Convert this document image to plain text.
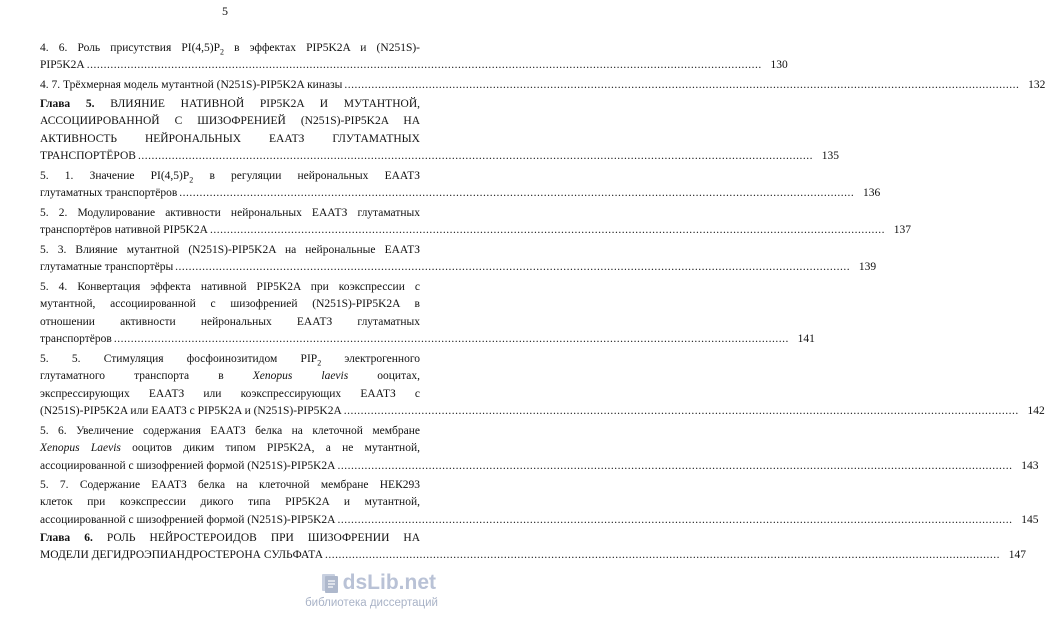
5
4. 6. Роль присутствия $PI(4,5)P_2$ в эффектах PIP5K2A и (N251S)-
PIP5K2A ........................................................................................................................................................................................................ 130
4. 7. Трёхмерная модель мутантной (N251S)-PIP5K2A киназы ........................................................................................................................................................................................................ 132
Глава 5. ВЛИЯНИЕ НАТИВНОЙ PIP5K2A И МУТАНТНОЙ,
АССОЦИИРОВАННОЙ С ШИЗОФРЕНИЕЙ (N251S)-PIP5K2A НА
АКТИВНОСТЬ НЕЙРОНАЛЬНЫХ ЕААТЗ ГЛУТАМАТНЫХ
ТРАНСПОРТЁРОВ ........................................................................................................................................................................................................ 135
5. 1. Значение $PI(4,5)P_2$ в регуляции нейрональных ЕААТЗ
глутаматных транспортёров ........................................................................................................................................................................................................ 136
5. 2. Модулирование активности нейрональных ЕААТЗ глутаматных
транспортёров нативной PIP5K2A ........................................................................................................................................................................................................ 137
5. 3. Влияние мутантной (N251S)-PIP5K2A на нейрональные ЕААТЗ
глутаматные транспортёры ........................................................................................................................................................................................................ 139
5. 4. Конвертация эффекта нативной PIP5K2A при коэкспрессии с
мутантной, ассоциированной с шизофренией (N251S)-PIP5K2A в
отношении активности нейрональных ЕААТЗ глутаматных
транспортёров ........................................................................................................................................................................................................ 141
5. 5. Стимуляция фосфоинозитидом $PIP_2$ электрогенного
глутаматного транспорта в Xenopus laevis ооцитах,
экспрессирующих ЕААТЗ или коэкспрессирующих ЕААТЗ с
(N251S)-PIP5K2A или ЕААТЗ с PIP5K2A и (N251S)-PIP5K2A ........................................................................................................................................................................................................ 142
5. 6. Увеличение содержания ЕААТЗ белка на клеточной мембране
Xenopus Laevis ооцитов диким типом PIP5K2A, а не мутантной,
ассоциированной с шизофренией формой (N251S)-PIP5K2A ........................................................................................................................................................................................................ 143
5. 7. Содержание ЕААТЗ белка на клеточной мембране НЕК293
клеток при коэкспрессии дикого типа PIP5K2A и мутантной,
ассоциированной с шизофренией формой (N251S)-PIP5K2A ........................................................................................................................................................................................................ 145
Глава 6. РОЛЬ НЕЙРОСТЕРОИДОВ ПРИ ШИЗОФРЕНИИ НА
МОДЕЛИ ДЕГИДРОЭПИАНДРОСТЕРОНА СУЛЬФАТА ........................................................................................................................................................................................................ 147
dsLib.net
библиотека диссертаций
